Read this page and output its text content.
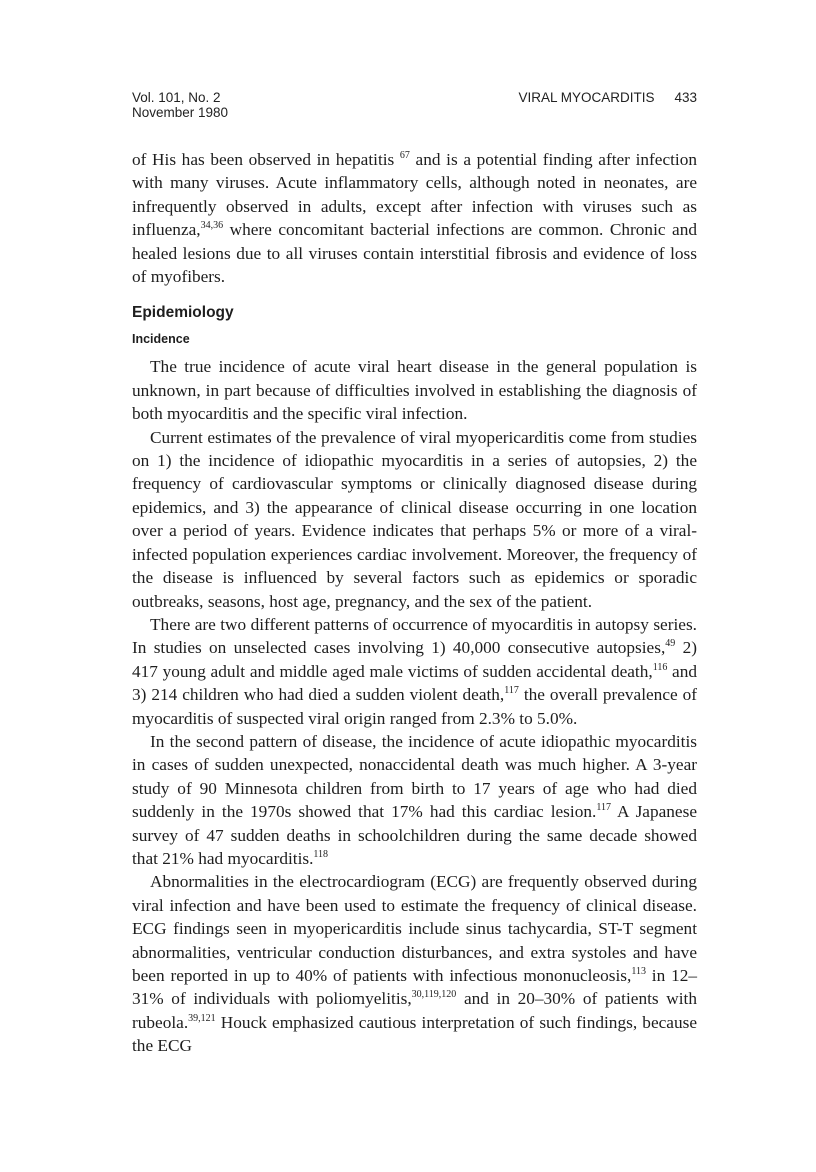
Vol. 101, No. 2
November 1980
VIRAL MYOCARDITIS 433

of His has been observed in hepatitis $^{67}$ and is a potential finding after infection with many viruses. Acute inflammatory cells, although noted in neonates, are infrequently observed in adults, except after infection with viruses such as influenza,$^{34,36}$ where concomitant bacterial infections are common. Chronic and healed lesions due to all viruses contain interstitial fibrosis and evidence of loss of myofibers.

Epidemiology
Incidence

The true incidence of acute viral heart disease in the general population is unknown, in part because of difficulties involved in establishing the diagnosis of both myocarditis and the specific viral infection.

Current estimates of the prevalence of viral myopericarditis come from studies on 1) the incidence of idiopathic myocarditis in a series of autopsies, 2) the frequency of cardiovascular symptoms or clinically diagnosed disease during epidemics, and 3) the appearance of clinical disease occurring in one location over a period of years. Evidence indicates that perhaps 5% or more of a viral-infected population experiences cardiac involvement. Moreover, the frequency of the disease is influenced by several factors such as epidemics or sporadic outbreaks, seasons, host age, pregnancy, and the sex of the patient.

There are two different patterns of occurrence of myocarditis in autopsy series. In studies on unselected cases involving 1) 40,000 consecutive autopsies,$^{49}$ 2) 417 young adult and middle aged male victims of sudden accidental death,$^{116}$ and 3) 214 children who had died a sudden violent death,$^{117}$ the overall prevalence of myocarditis of suspected viral origin ranged from 2.3% to 5.0%.

In the second pattern of disease, the incidence of acute idiopathic myocarditis in cases of sudden unexpected, nonaccidental death was much higher. A 3-year study of 90 Minnesota children from birth to 17 years of age who had died suddenly in the 1970s showed that 17% had this cardiac lesion.$^{117}$ A Japanese survey of 47 sudden deaths in schoolchildren during the same decade showed that 21% had myocarditis.$^{118}$

Abnormalities in the electrocardiogram (ECG) are frequently observed during viral infection and have been used to estimate the frequency of clinical disease. ECG findings seen in myopericarditis include sinus tachycardia, ST-T segment abnormalities, ventricular conduction disturbances, and extra systoles and have been reported in up to 40% of patients with infectious mononucleosis,$^{113}$ in 12–31% of individuals with poliomyelitis,$^{30,119,120}$ and in 20–30% of patients with rubeola.$^{39,121}$ Houck emphasized cautious interpretation of such findings, because the ECG
